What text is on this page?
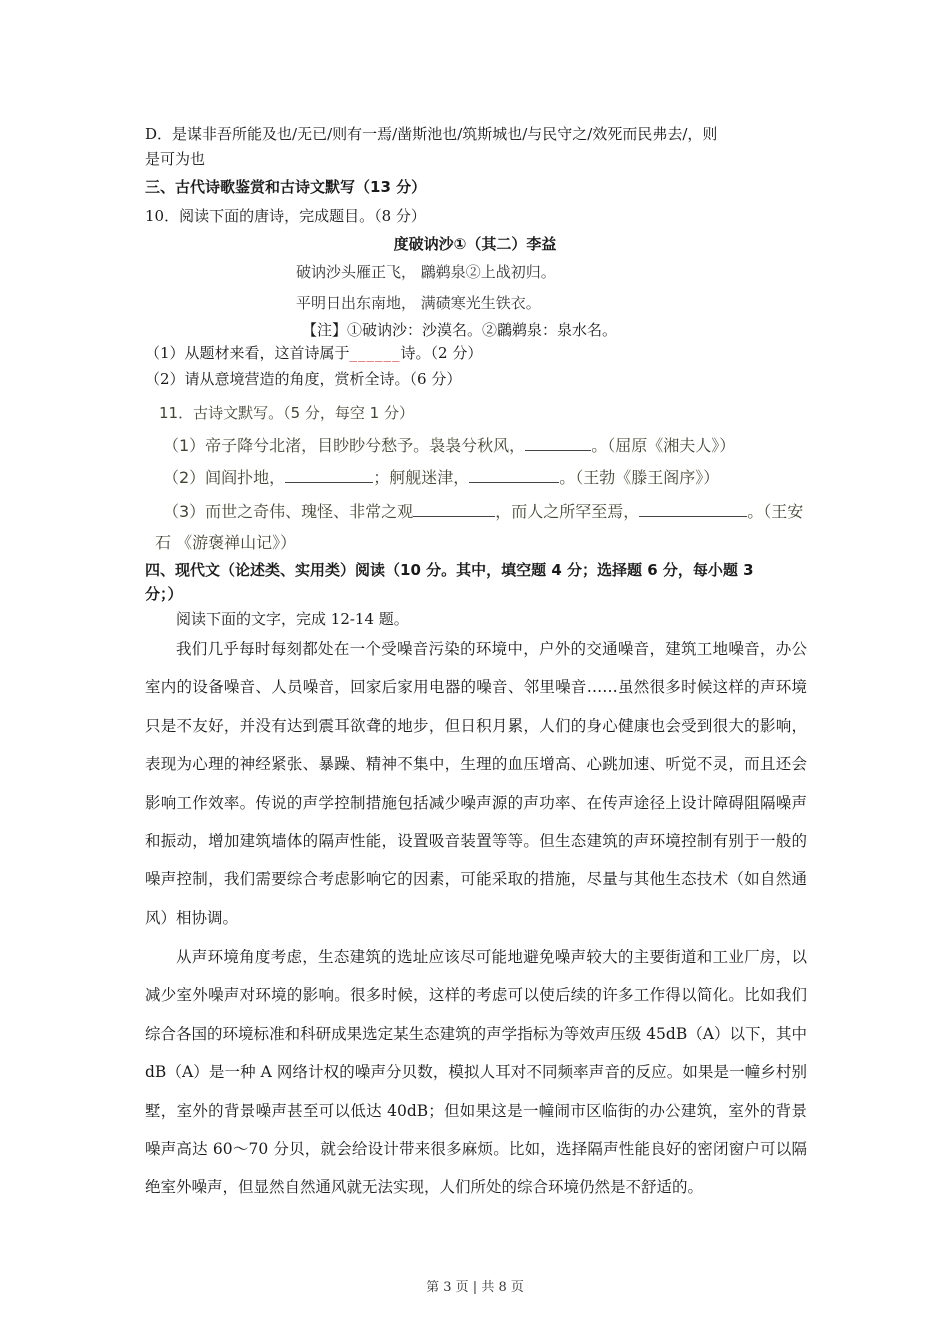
D．是谋非吾所能及也/无已/则有一焉/凿斯池也/筑斯城也/与民守之/效死而民弗去/，则
是可为也
三、古代诗歌鉴赏和古诗文默写（13 分）
10．阅读下面的唐诗，完成题目。（8 分）
度破讷沙①（其二）李益
破讷沙头雁正飞， 鸊鹈泉②上战初归。
平明日出东南地， 满碛寒光生铁衣。
【注】①破讷沙：沙漠名。②鸊鹈泉：泉水名。
（1）从题材来看，这首诗属于______诗。（2 分）
（2）请从意境营造的角度，赏析全诗。（6 分）
11．古诗文默写。（5 分，每空 1 分）
（1）帝子降兮北渚，目眇眇兮愁予。袅袅兮秋风，	。（屈原《湘夫人》）
（2）闾阎扑地，	；舸舰迷津，	。（王勃《滕王阁序》）
（3）而世之奇伟、瑰怪、非常之观	，而人之所罕至焉，	。（王安
石 《游褒禅山记》）
四、现代文（论述类、实用类）阅读（10 分。其中，填空题 4 分；选择题 6 分，每小题 3
分；）
阅读下面的文字，完成 12-14 题。

我们几乎每时每刻都处在一个受噪音污染的环境中，户外的交通噪音，建筑工地噪音，办公室内的设备噪音、人员噪音，回家后家用电器的噪音、邻里噪音……虽然很多时候这样的声环境只是不友好，并没有达到震耳欲聋的地步，但日积月累，人们的身心健康也会受到很大的影响，表现为心理的神经紧张、暴躁、精神不集中，生理的血压增高、心跳加速、听觉不灵，而且还会影响工作效率。传说的声学控制措施包括减少噪声源的声功率、在传声途径上设计障碍阻隔噪声和振动，增加建筑墙体的隔声性能，设置吸音装置等等。但生态建筑的声环境控制有别于一般的噪声控制，我们需要综合考虑影响它的因素，可能采取的措施，尽量与其他生态技术（如自然通风）相协调。

从声环境角度考虑，生态建筑的选址应该尽可能地避免噪声较大的主要街道和工业厂房，以减少室外噪声对环境的影响。很多时候，这样的考虑可以使后续的许多工作得以简化。比如我们综合各国的环境标准和科研成果选定某生态建筑的声学指标为等效声压级 45dB（A）以下，其中 dB（A）是一种 A 网络计权的噪声分贝数，模拟人耳对不同频率声音的反应。如果是一幢乡村别墅，室外的背景噪声甚至可以低达 40dB；但如果这是一幢闹市区临街的办公建筑，室外的背景噪声高达 60～70 分贝，就会给设计带来很多麻烦。比如，选择隔声性能良好的密闭窗户可以隔绝室外噪声，但显然自然通风就无法实现，人们所处的综合环境仍然是不舒适的。

第 3 页 | 共 8 页
